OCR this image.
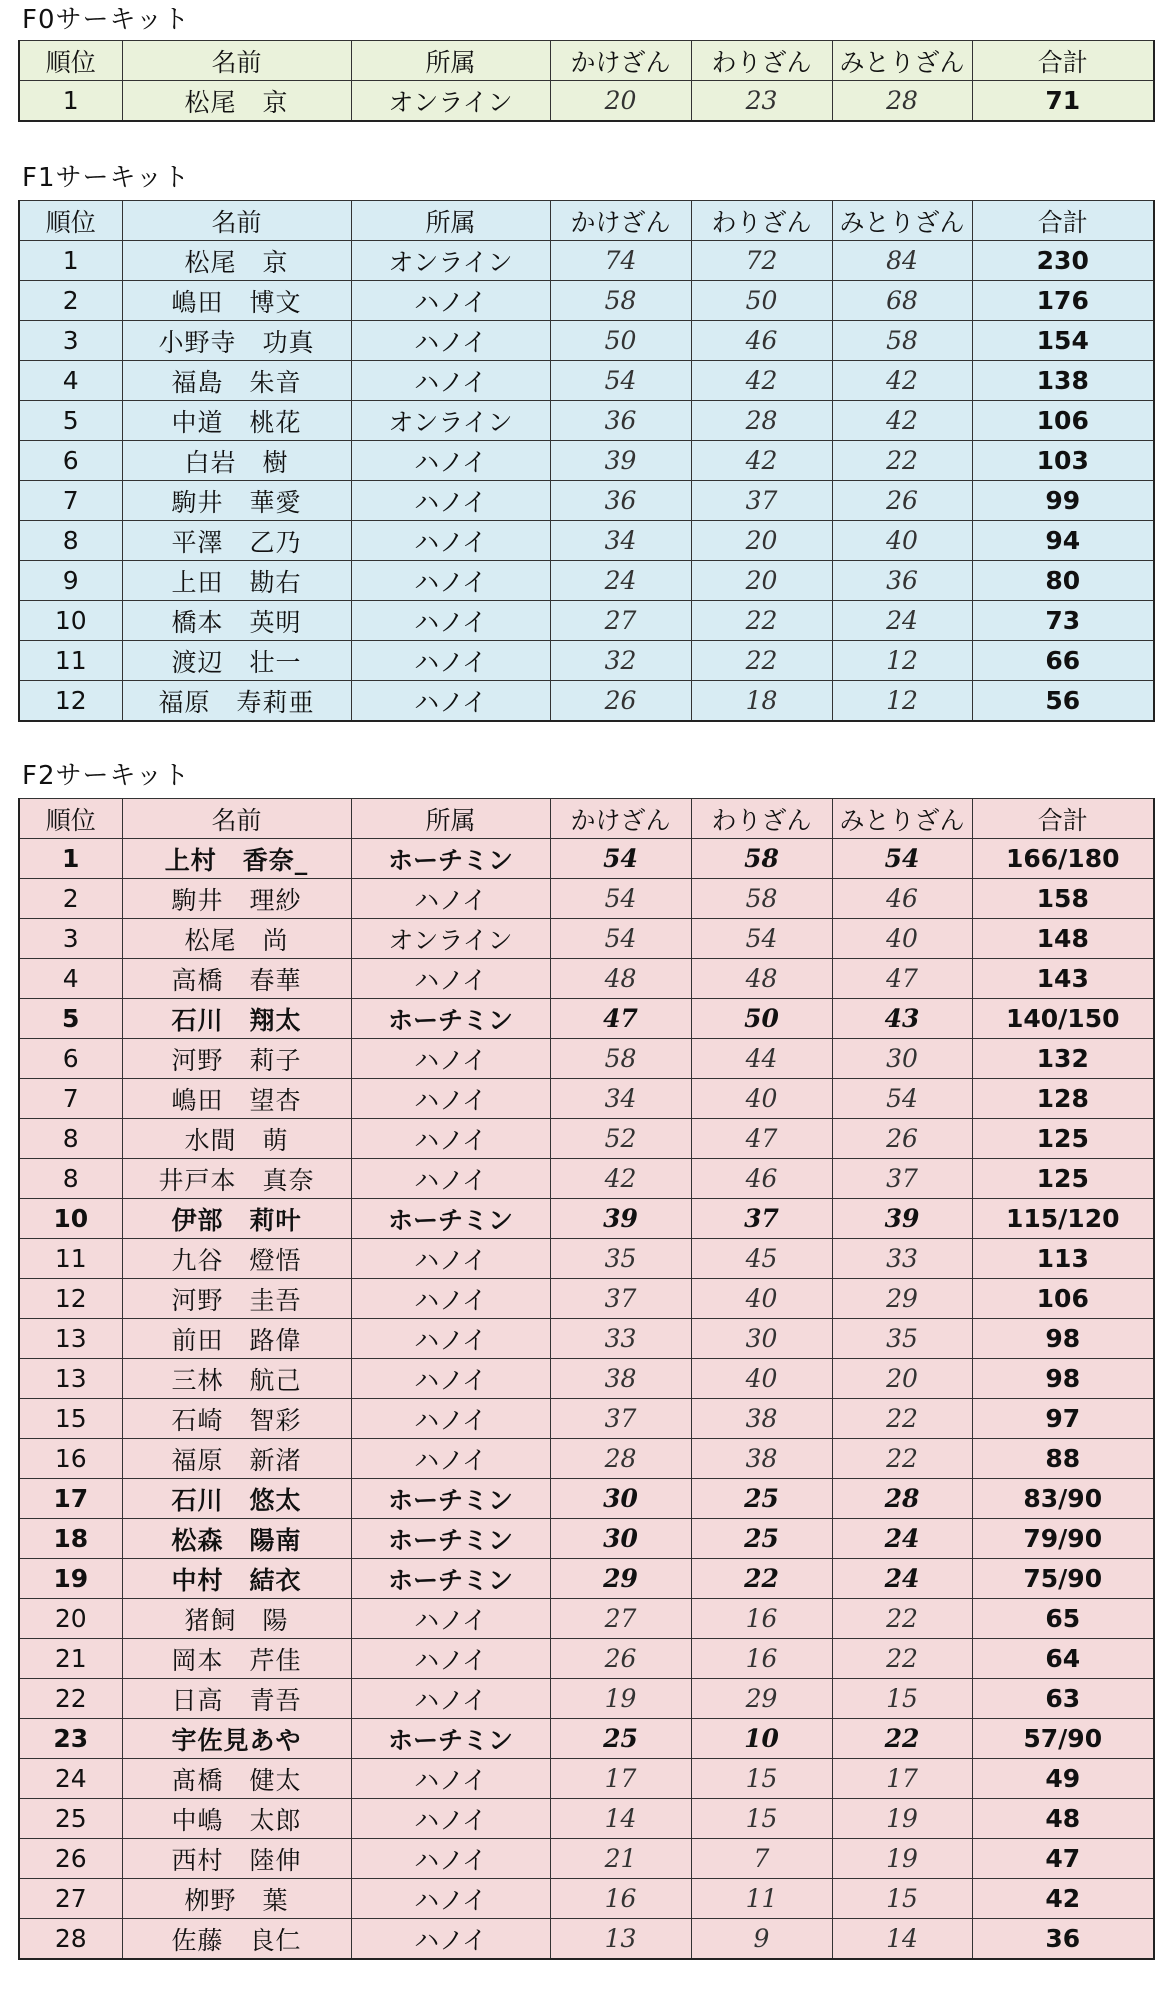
F0サーキット
順位	名前	所属	かけざん	わりざん	みとりざん	合計
1	松尾　京	オンライン	20	23	28	71
F1サーキット
順位	名前	所属	かけざん	わりざん	みとりざん	合計
1	松尾　京	オンライン	74	72	84	230
2	嶋田　博文	ハノイ	58	50	68	176
3	小野寺　功真	ハノイ	50	46	58	154
4	福島　朱音	ハノイ	54	42	42	138
5	中道　桃花	オンライン	36	28	42	106
6	白岩　樹	ハノイ	39	42	22	103
7	駒井　華愛	ハノイ	36	37	26	99
8	平澤　乙乃	ハノイ	34	20	40	94
9	上田　勘右	ハノイ	24	20	36	80
10	橋本　英明	ハノイ	27	22	24	73
11	渡辺　壮一	ハノイ	32	22	12	66
12	福原　寿莉亜	ハノイ	26	18	12	56
F2サーキット
順位	名前	所属	かけざん	わりざん	みとりざん	合計
1	上村　香奈_	ホーチミン	54	58	54	166/180
2	駒井　理紗	ハノイ	54	58	46	158
3	松尾　尚	オンライン	54	54	40	148
4	高橋　春華	ハノイ	48	48	47	143
5	石川　翔太	ホーチミン	47	50	43	140/150
6	河野　莉子	ハノイ	58	44	30	132
7	嶋田　望杏	ハノイ	34	40	54	128
8	水間　萌	ハノイ	52	47	26	125
8	井戸本　真奈	ハノイ	42	46	37	125
10	伊部　莉叶	ホーチミン	39	37	39	115/120
11	九谷　燈悟	ハノイ	35	45	33	113
12	河野　圭吾	ハノイ	37	40	29	106
13	前田　路偉	ハノイ	33	30	35	98
13	三林　航己	ハノイ	38	40	20	98
15	石崎　智彩	ハノイ	37	38	22	97
16	福原　新渚	ハノイ	28	38	22	88
17	石川　悠太	ホーチミン	30	25	28	83/90
18	松森　陽南	ホーチミン	30	25	24	79/90
19	中村　結衣	ホーチミン	29	22	24	75/90
20	猪飼　陽	ハノイ	27	16	22	65
21	岡本　芹佳	ハノイ	26	16	22	64
22	日高　青吾	ハノイ	19	29	15	63
23	宇佐見あや	ホーチミン	25	10	22	57/90
24	髙橋　健太	ハノイ	17	15	17	49
25	中嶋　太郎	ハノイ	14	15	19	48
26	西村　陸伸	ハノイ	21	7	19	47
27	栁野　葉	ハノイ	16	11	15	42
28	佐藤　良仁	ハノイ	13	9	14	36
